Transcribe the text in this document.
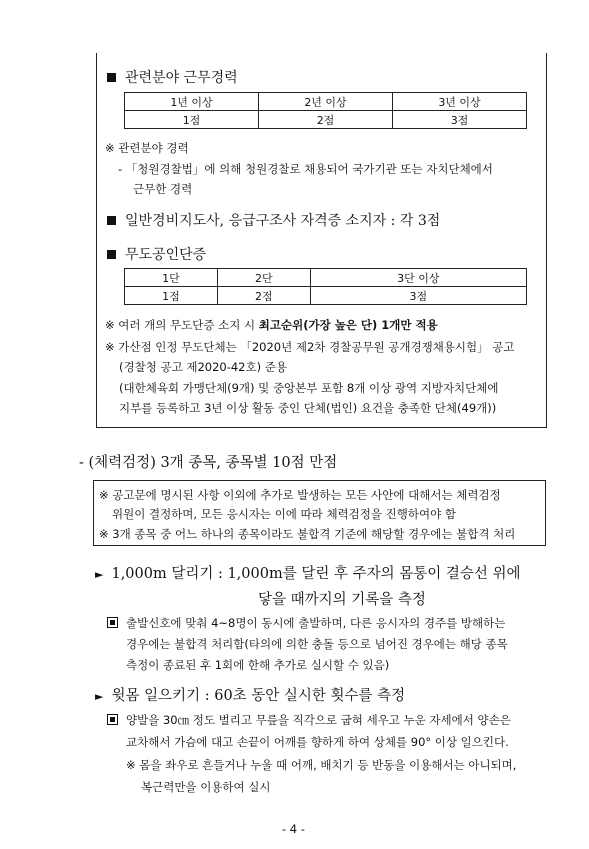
관련분야 근무경력
1년 이상	2년 이상	3년 이상
1점	2점	3점
※ 관련분야 경력
- 「청원경찰법」에 의해 청원경찰로 채용되어 국가기관 또는 자치단체에서
근무한 경력
일반경비지도사, 응급구조사 자격증 소지자 : 각 3점
무도공인단증
1단	2단	3단 이상
1점	2점	3점
※ 여러 개의 무도단증 소지 시 최고순위(가장 높은 단) 1개만 적용
※ 가산점 인정 무도단체는 「2020년 제2차 경찰공무원 공개경쟁채용시험」 공고
(경찰청 공고 제2020-42호) 준용
(대한체육회 가맹단체(9개) 및 중앙본부 포함 8개 이상 광역 지방자치단체에
지부를 등록하고 3년 이상 활동 중인 단체(법인) 요건을 충족한 단체(49개))
- (체력검정) 3개 종목, 종목별 10점 만점
※ 공고문에 명시된 사항 이외에 추가로 발생하는 모든 사안에 대해서는 체력검정
위원이 결정하며, 모든 응시자는 이에 따라 체력검정을 진행하여야 함
※ 3개 종목 중 어느 하나의 종목이라도 불합격 기준에 해당할 경우에는 불합격 처리
► 1,000m 달리기 : 1,000m를 달린 후 주자의 몸통이 결승선 위에
닿을 때까지의 기록을 측정
출발신호에 맞춰 4~8명이 동시에 출발하며, 다른 응시자의 경주를 방해하는
경우에는 불합격 처리함(타의에 의한 충돌 등으로 넘어진 경우에는 해당 종목
측정이 종료된 후 1회에 한해 추가로 실시할 수 있음)
► 윗몸 일으키기 : 60초 동안 실시한 횟수를 측정
양발을 30㎝ 정도 벌리고 무릎을 직각으로 굽혀 세우고 누운 자세에서 양손은
교차해서 가슴에 대고 손끝이 어깨를 향하게 하여 상체를 90° 이상 일으킨다.
※ 몸을 좌우로 흔들거나 누울 때 어깨, 배치기 등 반동을 이용해서는 아니되며,
복근력만을 이용하여 실시
- 4 -
